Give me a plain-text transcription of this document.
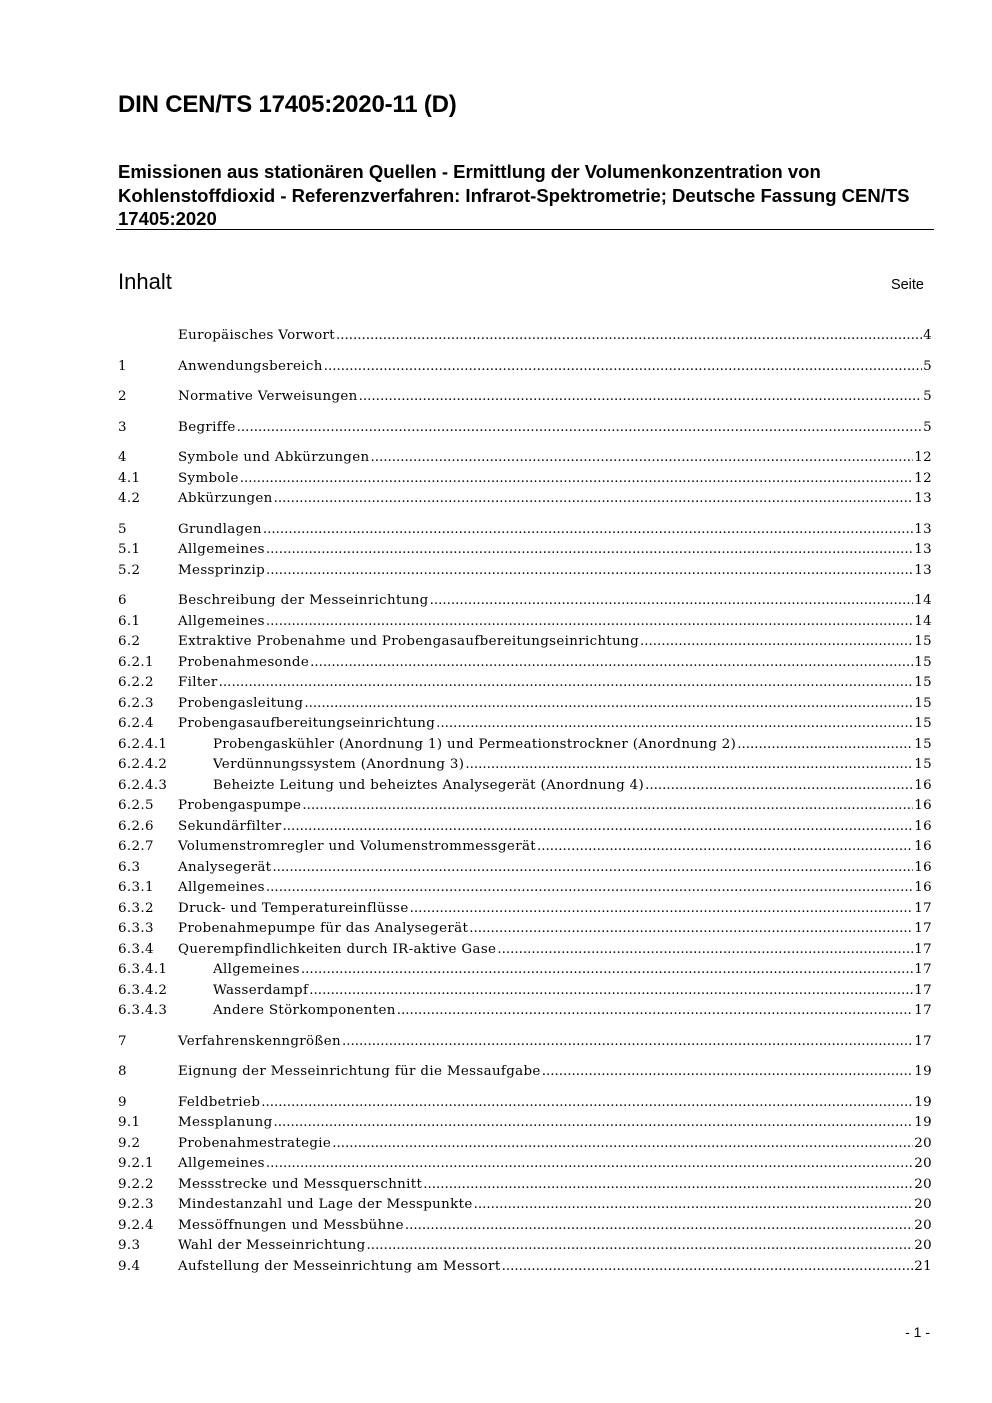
DIN CEN/TS 17405:2020-11 (D)
Emissionen aus stationären Quellen - Ermittlung der Volumenkonzentration von Kohlenstoffdioxid - Referenzverfahren: Infrarot-Spektrometrie; Deutsche Fassung CEN/TS 17405:2020
Inhalt	Seite
Europäisches Vorwort .....	4
1	Anwendungsbereich .....	5
2	Normative Verweisungen .....	5
3	Begriffe .....	5
4	Symbole und Abkürzungen .....	12
4.1	Symbole .....	12
4.2	Abkürzungen .....	13
5	Grundlagen .....	13
5.1	Allgemeines .....	13
5.2	Messprinzip .....	13
6	Beschreibung der Messeinrichtung .....	14
6.1	Allgemeines .....	14
6.2	Extraktive Probenahme und Probengasaufbereitungseinrichtung .....	15
6.2.1 Probenahmesonde .....	15
6.2.2 Filter .....	15
6.2.3 Probengasleitung .....	15
6.2.4 Probengasaufbereitungseinrichtung .....	15
6.2.4.1	Probengaskühler (Anordnung 1) und Permeationstrockner (Anordnung 2) .....	15
6.2.4.2	Verdünnungssystem (Anordnung 3) .....	15
6.2.4.3	Beheizte Leitung und beheiztes Analysegerät (Anordnung 4) .....	16
6.2.5 Probengaspumpe .....	16
6.2.6 Sekundärfilter .....	16
6.2.7 Volumenstromregler und Volumenstrommessgerät .....	16
6.3	Analysegerät .....	16
6.3.1 Allgemeines .....	16
6.3.2 Druck- und Temperatureinflüsse .....	17
6.3.3 Probenahmepumpe für das Analysegerät .....	17
6.3.4 Querempfindlichkeiten durch IR-aktive Gase .....	17
6.3.4.1	Allgemeines .....	17
6.3.4.2	Wasserdampf .....	17
6.3.4.3	Andere Störkomponenten .....	17
7	Verfahrenskenngrößen .....	17
8	Eignung der Messeinrichtung für die Messaufgabe .....	19
9	Feldbetrieb .....	19
9.1	Messplanung .....	19
9.2	Probenahmestrategie .....	20
9.2.1 Allgemeines .....	20
9.2.2 Messstrecke und Messquerschnitt .....	20
9.2.3 Mindestanzahl und Lage der Messpunkte .....	20
9.2.4 Messöffnungen und Messbühne .....	20
9.3	Wahl der Messeinrichtung .....	20
9.4	Aufstellung der Messeinrichtung am Messort .....	21
- 1 -
